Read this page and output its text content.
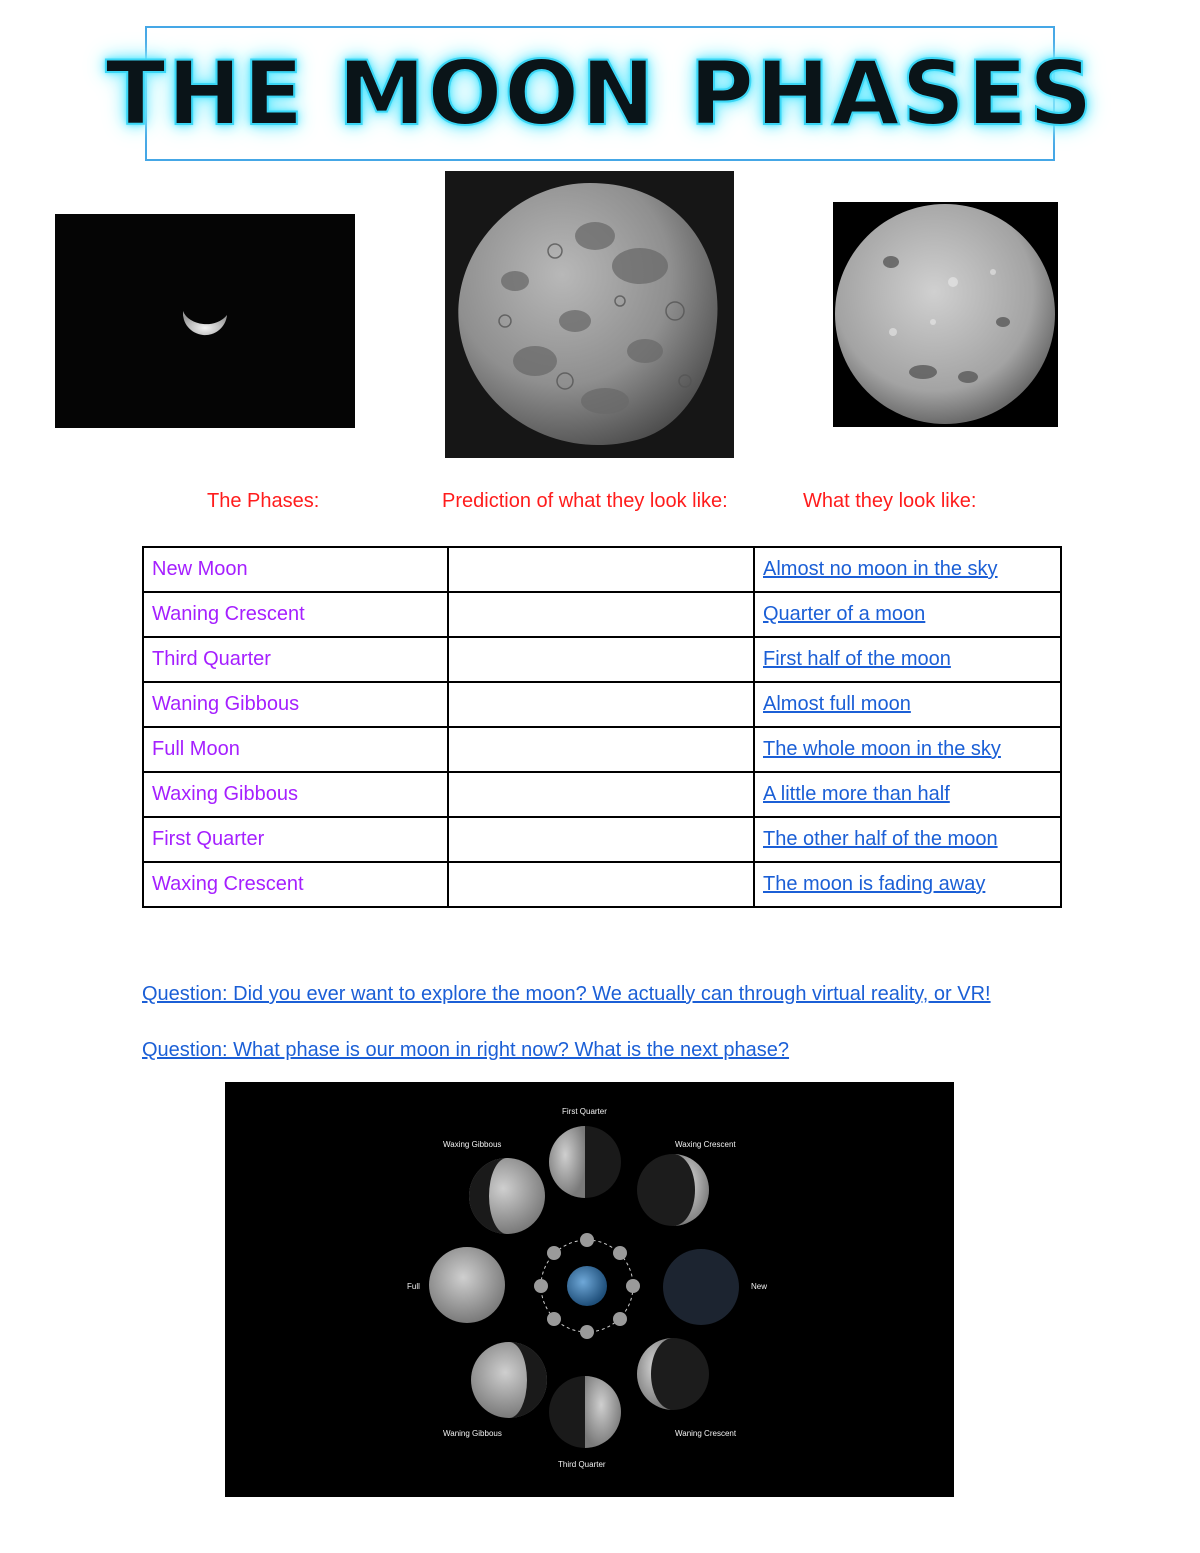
THE MOON PHASES
The Phases:	Prediction of what they look like:	What they look like:
New Moon		Almost no moon in the sky
Waning Crescent		Quarter of a moon
Third Quarter		First half of the moon
Waning Gibbous		Almost full moon
Full Moon		The whole moon in the sky
Waxing Gibbous		A little more than half
First Quarter		The other half of the moon
Waxing Crescent		The moon is fading away
Question: Did you ever want to explore the moon? We actually can through virtual reality, or VR!
Question: What phase is our moon in right now? What is the next phase?
First Quarter
Waxing Gibbous	Waxing Crescent
Full	New
Waning Gibbous	Waning Crescent
Third Quarter
